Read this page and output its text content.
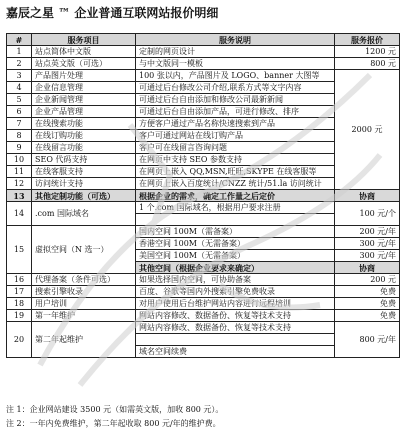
嘉辰之星 ™ 企业普通互联网站报价明细
#	服务项目	服务说明	服务报价
1	站点简体中文版	定制的网页设计	1200 元
2	站点英文版（可选）	与中文版同一模板	800 元
3	产品图片处理	100 张以内，产品图片及 LOGO、banner 大图等	2000 元
4	企业信息管理	可通过后台修改公司介绍,联系方式等文字内容	
5	企业新闻管理	可通过后台自由添加和修改公司最新新闻	
6	企业产品管理	可通过后台自由添加产品，可进行修改、排序	
7	在线搜索功能	方便客户通过产品名称快速搜索到产品	
8	在线订购功能	客户可通过网站在线订购产品	
9	在线留言功能	客户可在线留言咨询问题	
10	SEO 代码支持	在网页中支持 SEO 参数支持	
11	在线客服支持	在网页上嵌入 QQ,MSN,旺旺,SKYPE 在线客服等	
12	访问统计支持	在网页上嵌入百度统计/CNZZ 统计/51.la 访问统计	
13	其他定制功能（可选）	根据企业的需求，确定工作量之后定价	协商
14	.com 国际域名	1 个.com 国际域名，根据用户要求注册	100 元/个

15	虚拟空间（N 选一）	国内空间 100M（需备案）	200 元/年
		香港空间 100M（无需备案）	300 元/年
		美国空间 100M（无需备案）	300 元/年
		其他空间（根据企业要求来确定）	协商
16	代理备案（条件可选）	如果选择国内空间，可协助备案	200 元
17	搜索引擎收录	百度、谷歌等国内外搜索引擎免费收录	免费
18	用户培训	对用户使用后台维护网站内容进行远程培训	免费
19	第一年维护	网站内容修改、数据备份、恢复等技术支持	免费
20	第二年起维护	网站内容修改、数据备份、恢复等技术支持	800 元/年

		域名空间续费	
注 1：企业网站建设 3500 元（如需英文版，加收 800 元）。
注 2：一年内免费维护，第二年起收取 800 元/年的维护费。
